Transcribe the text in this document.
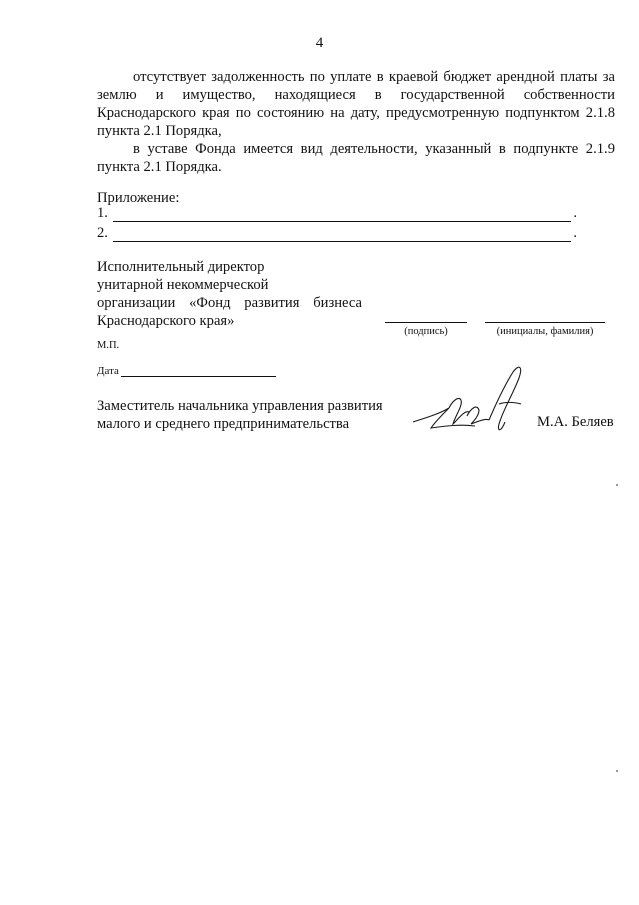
4
отсутствует задолженность по уплате в краевой бюджет арендной платы за землю и имущество, находящиеся в государственной собственности Краснодарского края по состоянию на дату, предусмотренную подпунктом 2.1.8 пункта 2.1 Порядка,
в уставе Фонда имеется вид деятельности, указанный в подпункте 2.1.9 пункта 2.1 Порядка.
Приложение:
1.	.
2.	.
Исполнительный директор
унитарной некоммерческой
организации «Фонд развития бизнеса
Краснодарского края»
(подпись)	(инициалы, фамилия)
М.П.
Дата
Заместитель начальника управления развития
малого и среднего предпринимательства	М.А. Беляев
